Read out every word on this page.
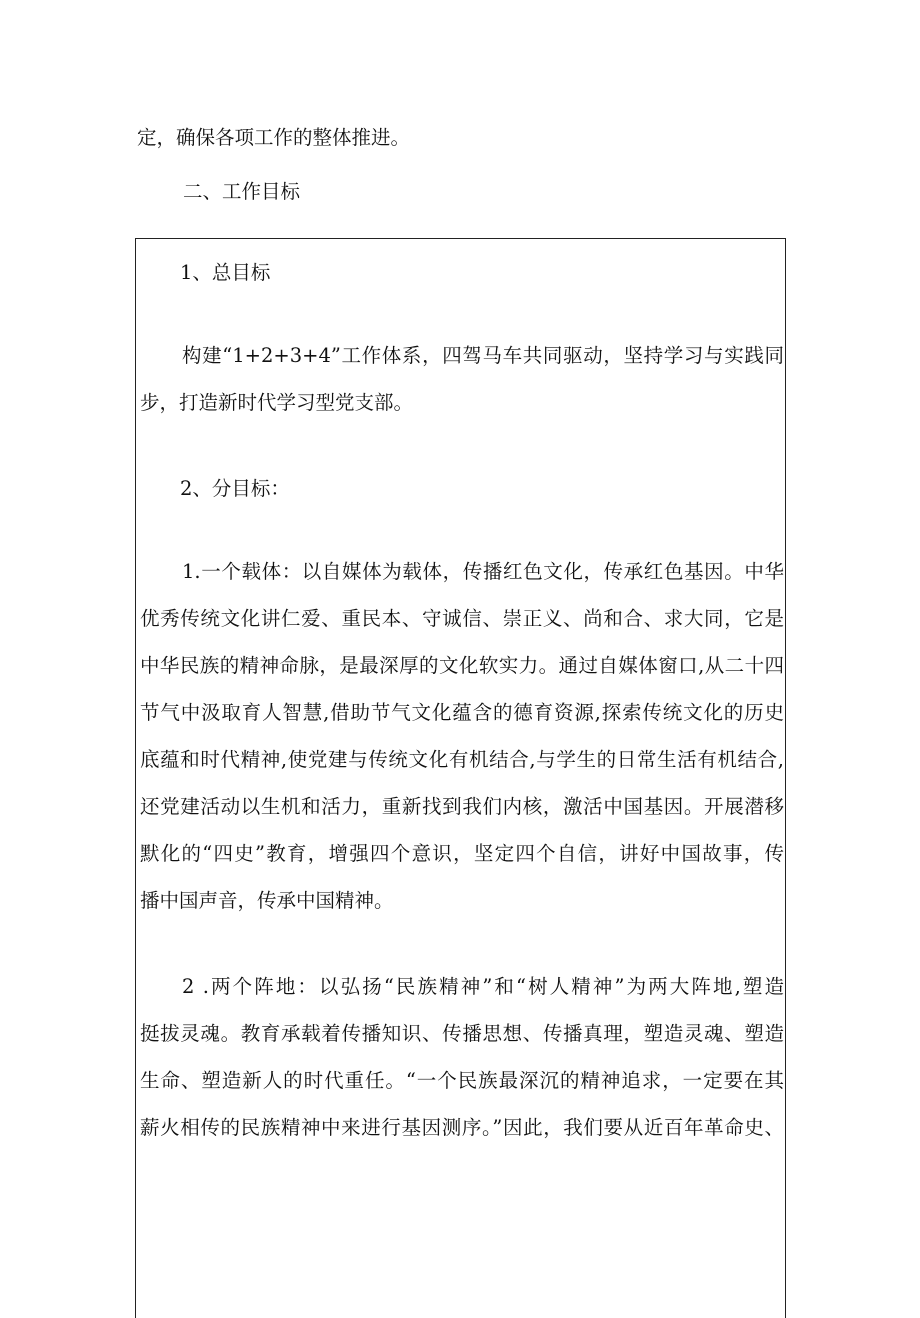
定，确保各项工作的整体推进。

二、工作目标

1、总目标

构建“1+2+3+4”工作体系，四驾马车共同驱动，坚持学习与实践同

步，打造新时代学习型党支部。

2、分目标：

1.一个载体：以自媒体为载体，传播红色文化，传承红色基因。中华

优秀传统文化讲仁爱、重民本、守诚信、崇正义、尚和合、求大同，它是

中华民族的精神命脉，是最深厚的文化软实力。通过自媒体窗口,从二十四

节气中汲取育人智慧,借助节气文化蕴含的德育资源,探索传统文化的历史

底蕴和时代精神,使党建与传统文化有机结合,与学生的日常生活有机结合,

还党建活动以生机和活力，重新找到我们内核，激活中国基因。开展潜移

默化的“四史”教育，增强四个意识，坚定四个自信，讲好中国故事，传

播中国声音，传承中国精神。

2 .两个阵地：以弘扬“民族精神”和“树人精神”为两大阵地,塑造

挺拔灵魂。教育承载着传播知识、传播思想、传播真理，塑造灵魂、塑造

生命、塑造新人的时代重任。“一个民族最深沉的精神追求，一定要在其

薪火相传的民族精神中来进行基因测序。”因此，我们要从近百年革命史、
